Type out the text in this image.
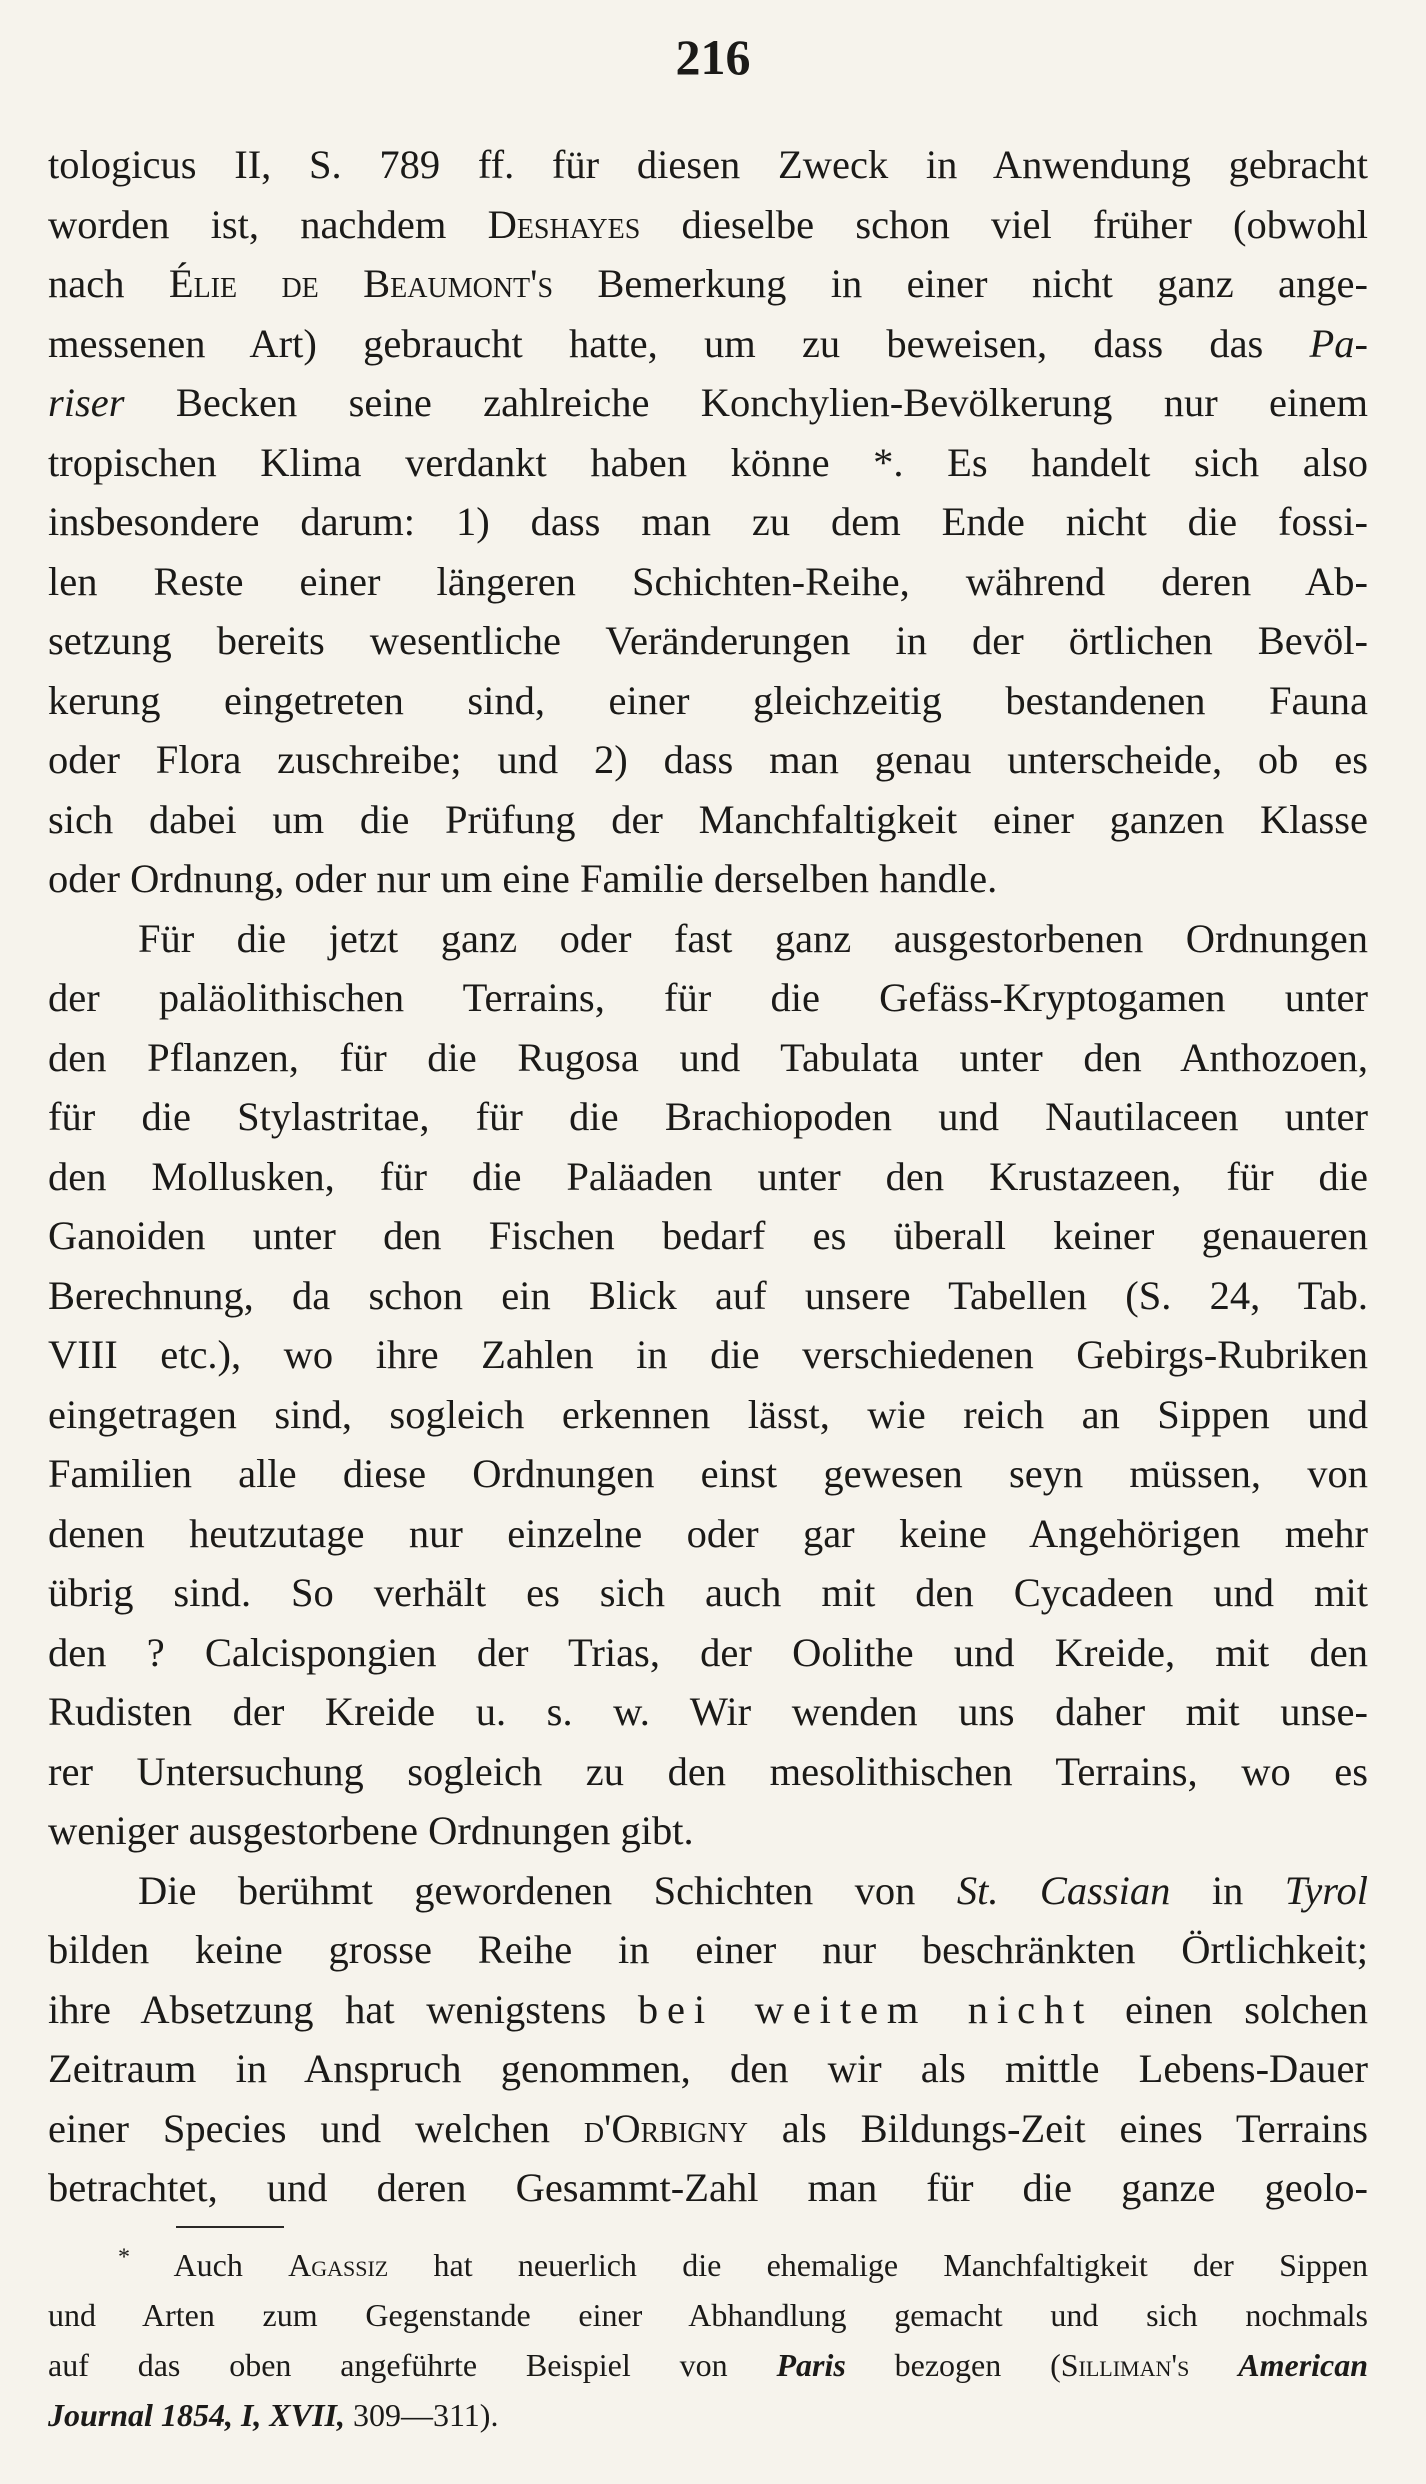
216
tologicus II, S. 789 ff. für diesen Zweck in Anwendung gebracht
worden ist, nachdem Deshayes dieselbe schon viel früher (obwohl
nach Élie de Beaumont's Bemerkung in einer nicht ganz ange-
messenen Art) gebraucht hatte, um zu beweisen, dass das Pa-
riser Becken seine zahlreiche Konchylien-Bevölkerung nur einem
tropischen Klima verdankt haben könne *. Es handelt sich also
insbesondere darum: 1) dass man zu dem Ende nicht die fossi-
len Reste einer längeren Schichten-Reihe, während deren Ab-
setzung bereits wesentliche Veränderungen in der örtlichen Bevöl-
kerung eingetreten sind, einer gleichzeitig bestandenen Fauna
oder Flora zuschreibe; und 2) dass man genau unterscheide, ob es
sich dabei um die Prüfung der Manchfaltigkeit einer ganzen Klasse
oder Ordnung, oder nur um eine Familie derselben handle.
Für die jetzt ganz oder fast ganz ausgestorbenen Ordnungen
der paläolithischen Terrains, für die Gefäss-Kryptogamen unter
den Pflanzen, für die Rugosa und Tabulata unter den Anthozoen,
für die Stylastritae, für die Brachiopoden und Nautilaceen unter
den Mollusken, für die Paläaden unter den Krustazeen, für die
Ganoiden unter den Fischen bedarf es überall keiner genaueren
Berechnung, da schon ein Blick auf unsere Tabellen (S. 24, Tab.
VIII etc.), wo ihre Zahlen in die verschiedenen Gebirgs-Rubriken
eingetragen sind, sogleich erkennen lässt, wie reich an Sippen und
Familien alle diese Ordnungen einst gewesen seyn müssen, von
denen heutzutage nur einzelne oder gar keine Angehörigen mehr
übrig sind. So verhält es sich auch mit den Cycadeen und mit
den ? Calcispongien der Trias, der Oolithe und Kreide, mit den
Rudisten der Kreide u. s. w. Wir wenden uns daher mit unse-
rer Untersuchung sogleich zu den mesolithischen Terrains, wo es
weniger ausgestorbene Ordnungen gibt.
Die berühmt gewordenen Schichten von St. Cassian in Tyrol
bilden keine grosse Reihe in einer nur beschränkten Örtlichkeit;
ihre Absetzung hat wenigstens bei weitem nicht einen solchen
Zeitraum in Anspruch genommen, den wir als mittle Lebens-Dauer
einer Species und welchen d'Orbigny als Bildungs-Zeit eines Terrains
betrachtet, und deren Gesammt-Zahl man für die ganze geolo-
* Auch Agassiz hat neuerlich die ehemalige Manchfaltigkeit der Sippen
und Arten zum Gegenstande einer Abhandlung gemacht und sich nochmals
auf das oben angeführte Beispiel von Paris bezogen (Silliman's American
Journal 1854, I, XVII, 309—311).
